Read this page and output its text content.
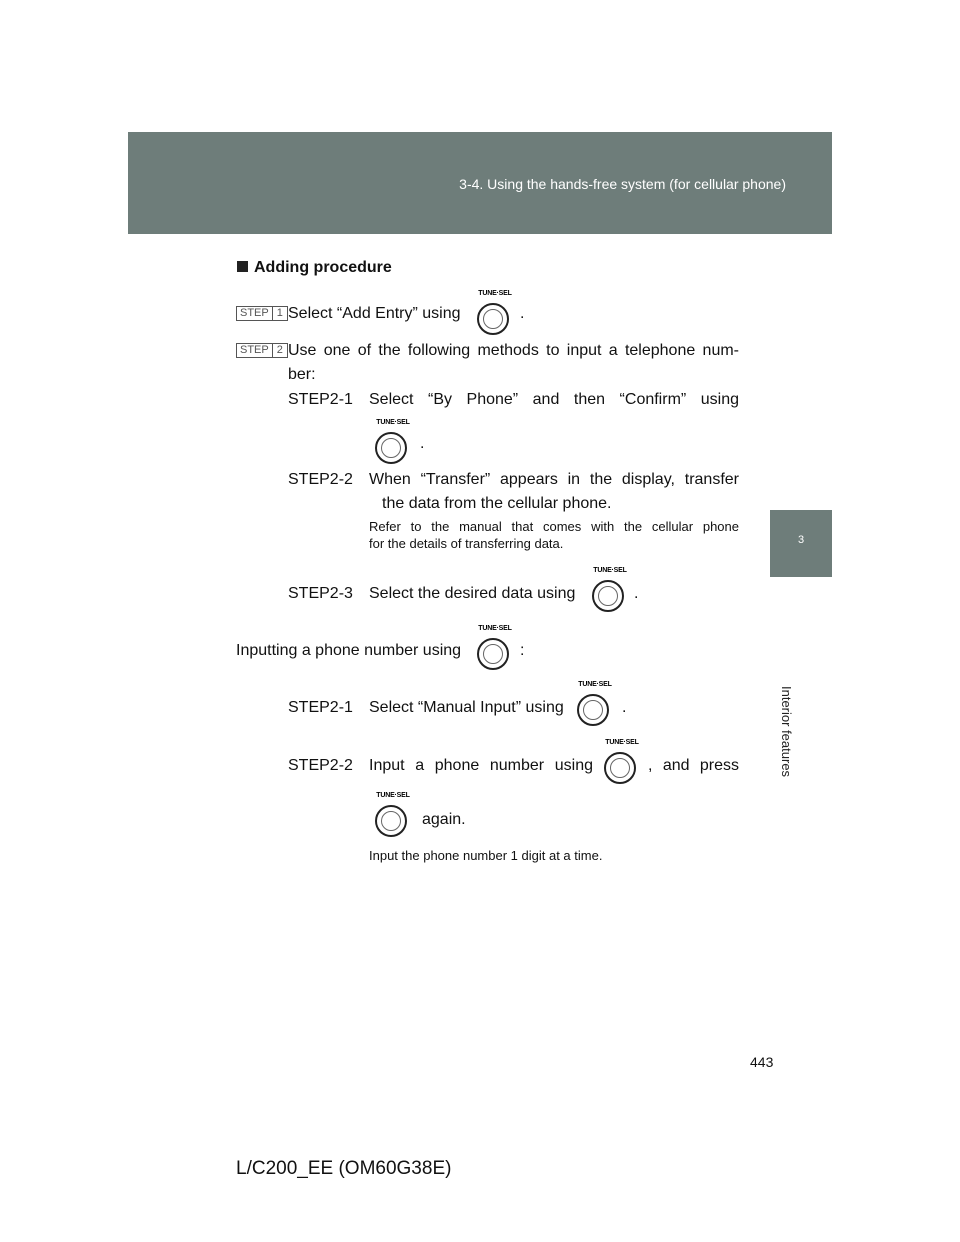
3-4. Using the hands-free system (for cellular phone)
3
Interior features
Adding procedure
STEP 1 Select “Add Entry” using
TUNE·SEL
.
STEP 2 Use one of the following methods to input a telephone num-
ber:
STEP2-1 Select “By Phone” and then “Confirm” using
TUNE·SEL
.
STEP2-2 When “Transfer” appears in the display, transfer
the data from the cellular phone.
Refer to the manual that comes with the cellular phone
for the details of transferring data.
STEP2-3 Select the desired data using
TUNE·SEL
.
Inputting a phone number using
TUNE·SEL
:
STEP2-1 Select “Manual Input” using
TUNE·SEL
.
STEP2-2 Input a phone number using
TUNE·SEL
, and press
TUNE·SEL
again.
Input the phone number 1 digit at a time.
443
L/C200_EE (OM60G38E)
